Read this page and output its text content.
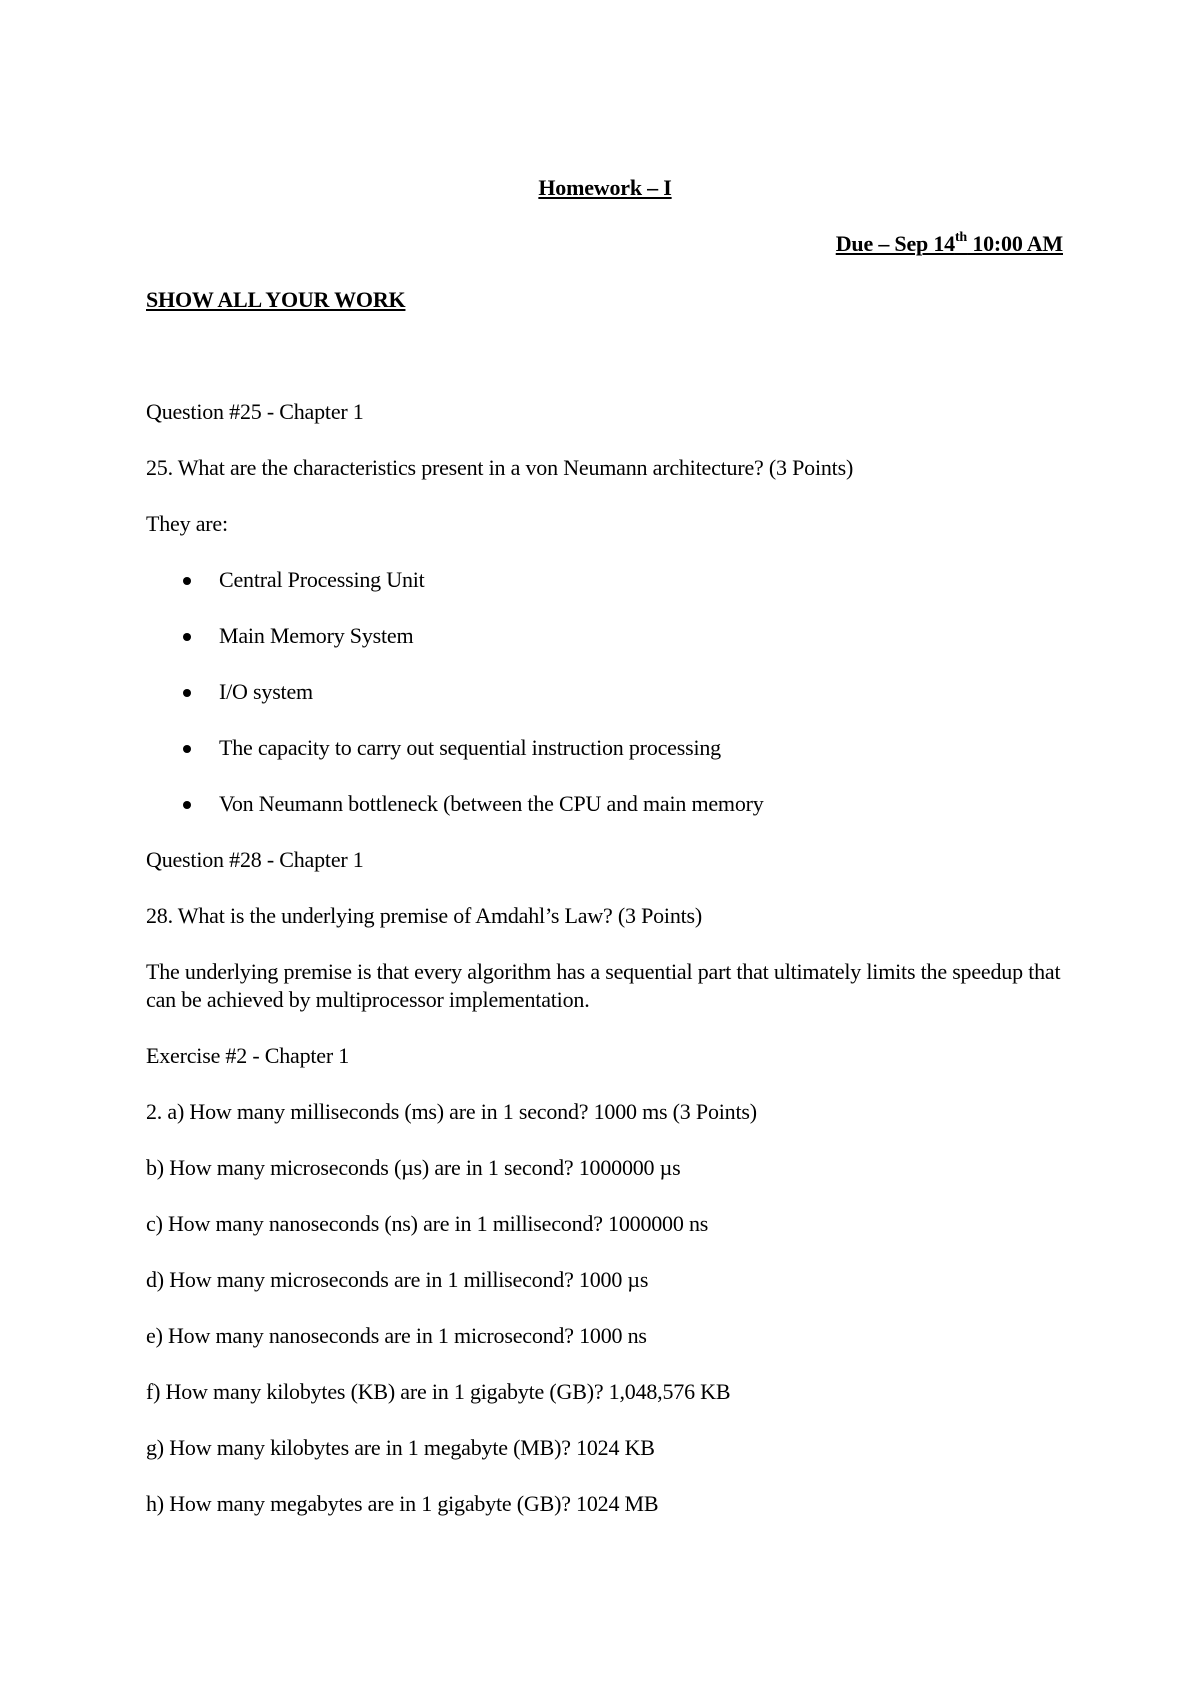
Homework – I
Due – Sep 14th 10:00 AM
SHOW ALL YOUR WORK
Question #25 - Chapter 1
25. What are the characteristics present in a von Neumann architecture? (3 Points)
They are:
Central Processing Unit
Main Memory System
I/O system
The capacity to carry out sequential instruction processing
Von Neumann bottleneck (between the CPU and main memory
Question #28 - Chapter 1
28. What is the underlying premise of Amdahl’s Law? (3 Points)
The underlying premise is that every algorithm has a sequential part that ultimately limits the speedup that can be achieved by multiprocessor implementation.
Exercise #2 - Chapter 1
2. a) How many milliseconds (ms) are in 1 second? 1000 ms (3 Points)
b) How many microseconds (µs) are in 1 second? 1000000 µs
c) How many nanoseconds (ns) are in 1 millisecond? 1000000 ns
d) How many microseconds are in 1 millisecond? 1000 µs
e) How many nanoseconds are in 1 microsecond? 1000 ns
f) How many kilobytes (KB) are in 1 gigabyte (GB)? 1,048,576 KB
g) How many kilobytes are in 1 megabyte (MB)? 1024 KB
h) How many megabytes are in 1 gigabyte (GB)? 1024 MB
